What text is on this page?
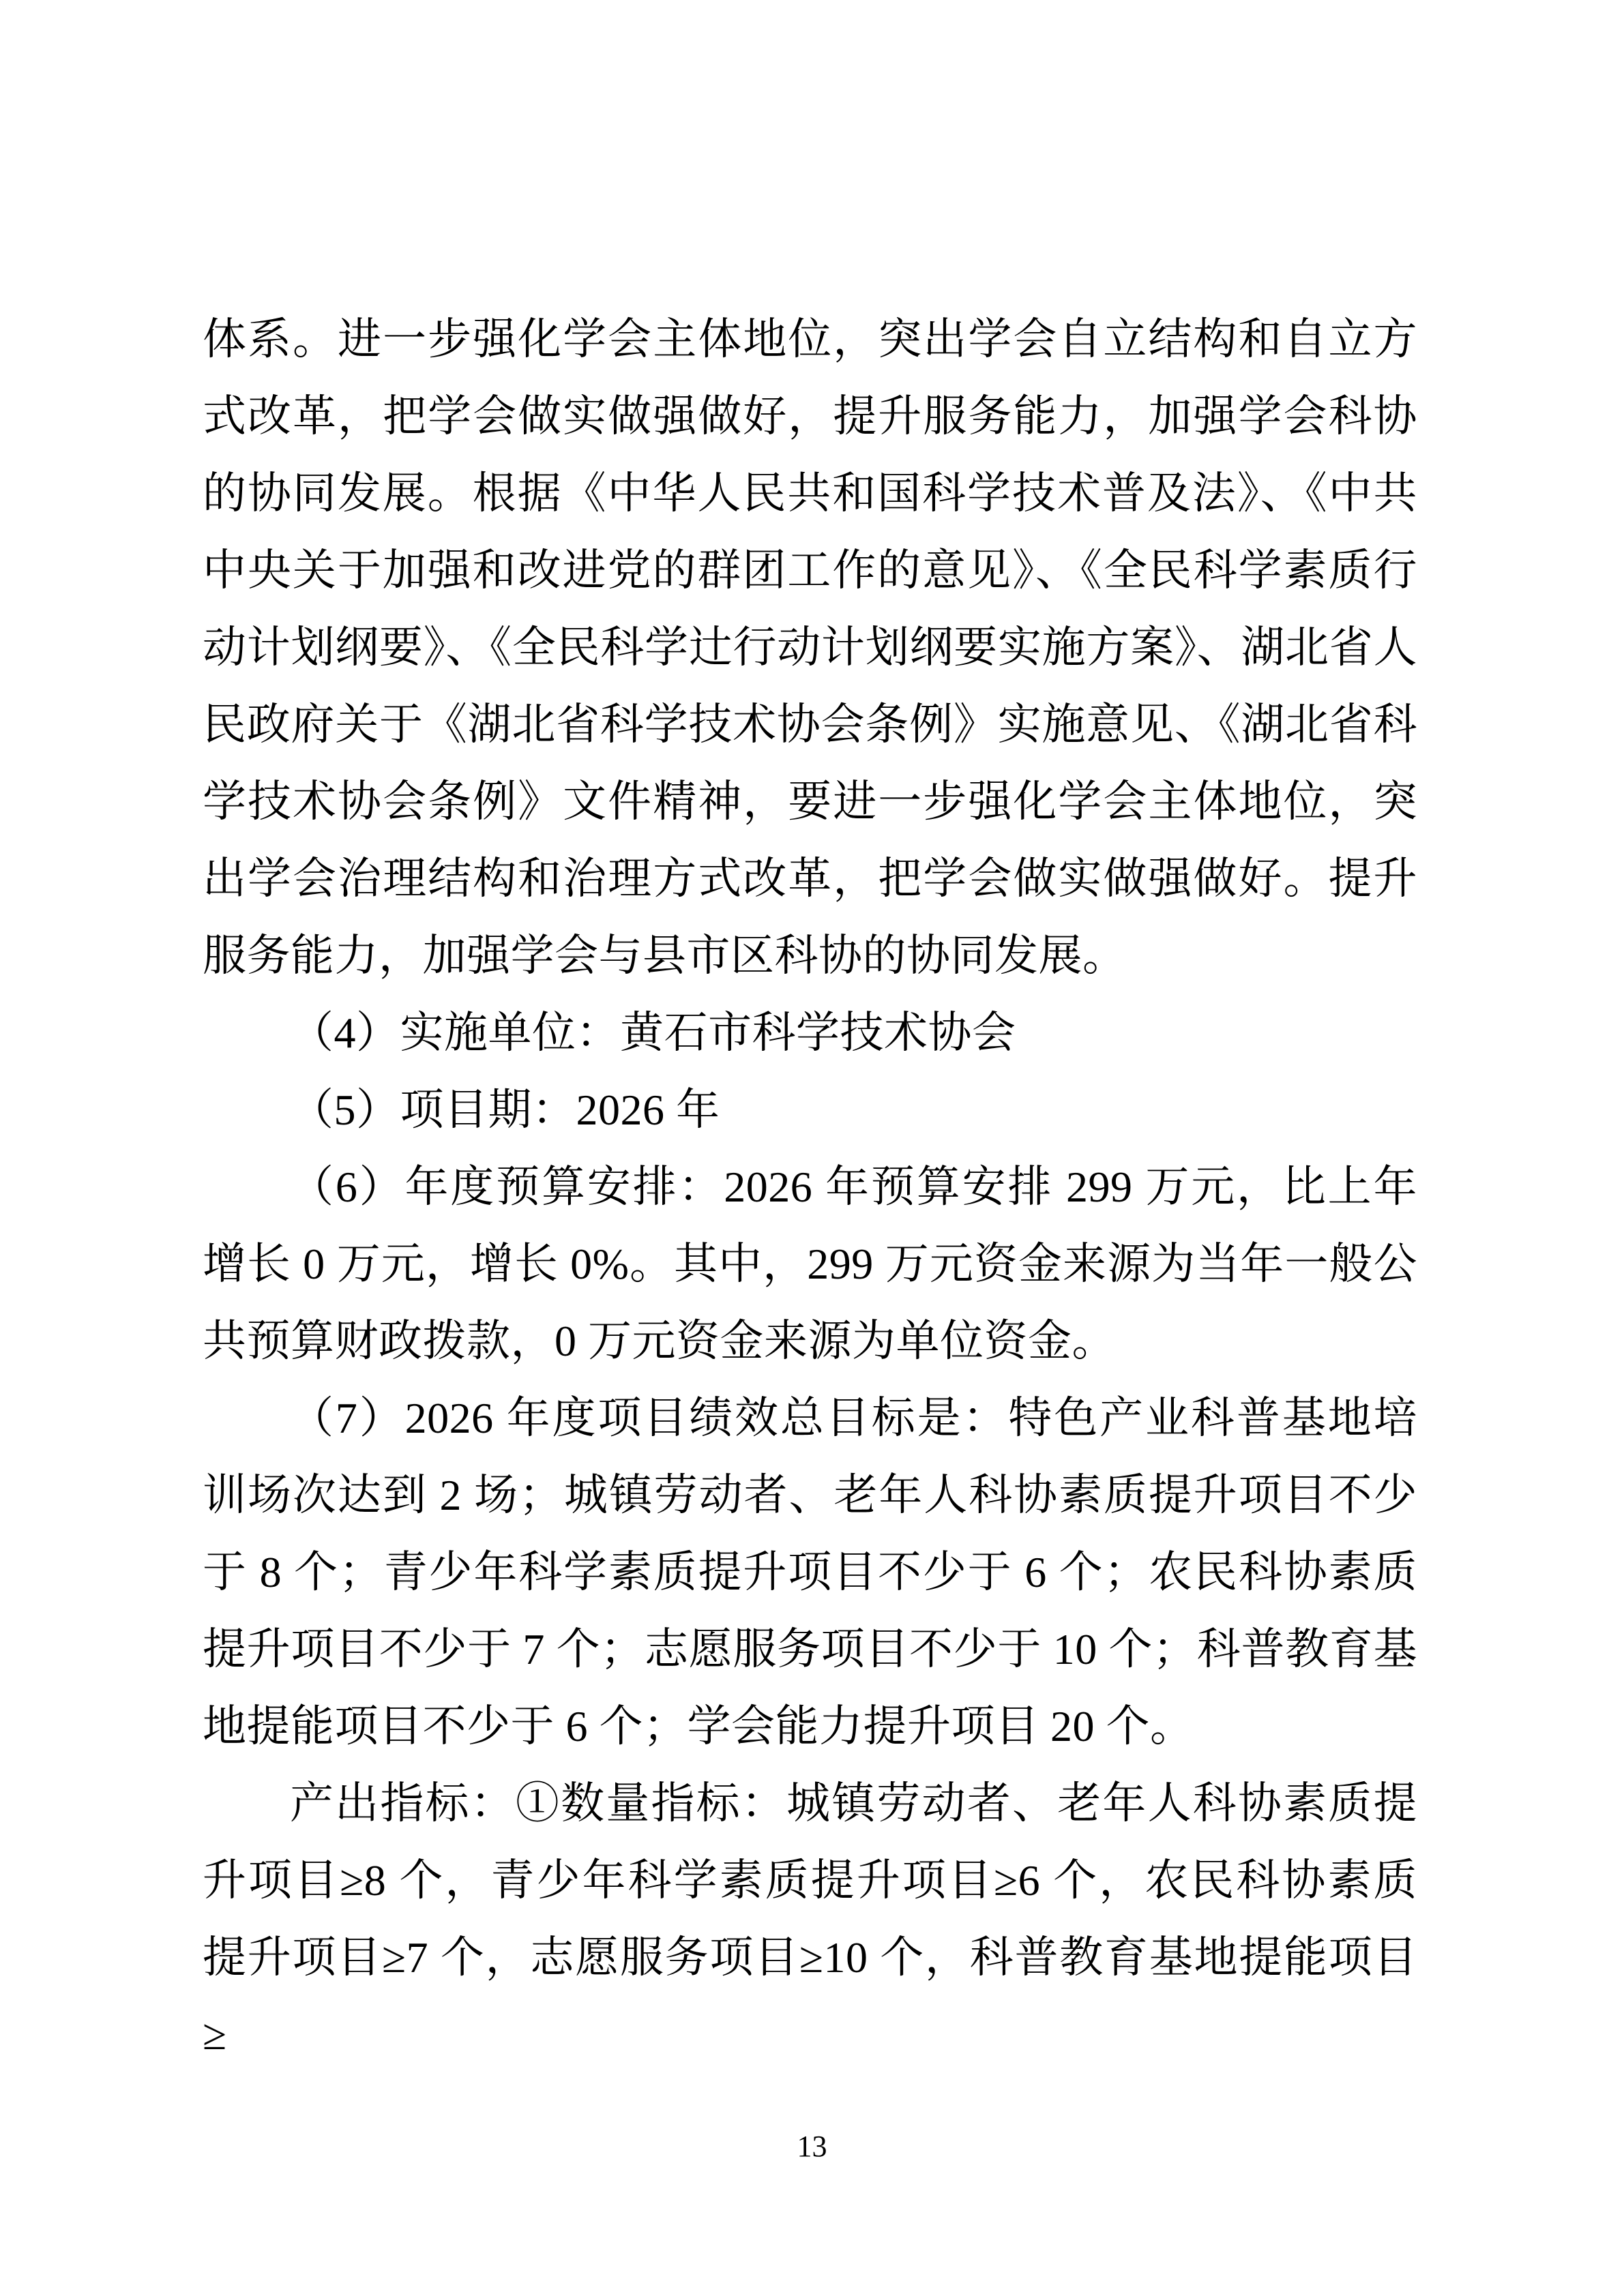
体系。进一步强化学会主体地位，突出学会自立结构和自立方式改革，把学会做实做强做好，提升服务能力，加强学会科协的协同发展。根据《中华人民共和国科学技术普及法》、《中共中央关于加强和改进党的群团工作的意见》、《全民科学素质行动计划纲要》、《全民科学辻行动计划纲要实施方案》、湖北省人民政府关于《湖北省科学技术协会条例》实施意见、《湖北省科学技术协会条例》文件精神，要进一步强化学会主体地位，突出学会治理结构和治理方式改革，把学会做实做强做好。提升服务能力，加强学会与县市区科协的协同发展。

（4）实施单位：黄石市科学技术协会

（5）项目期：2026 年

（6）年度预算安排：2026 年预算安排 299 万元，比上年增长 0 万元，增长 0%。其中，299 万元资金来源为当年一般公共预算财政拨款，0 万元资金来源为单位资金。

（7）2026 年度项目绩效总目标是：特色产业科普基地培训场次达到 2 场；城镇劳动者、老年人科协素质提升项目不少于 8 个；青少年科学素质提升项目不少于 6 个；农民科协素质提升项目不少于 7 个；志愿服务项目不少于 10 个；科普教育基地提能项目不少于 6 个；学会能力提升项目 20 个。

产出指标：①数量指标：城镇劳动者、老年人科协素质提升项目≥8 个，青少年科学素质提升项目≥6 个，农民科协素质提升项目≥7 个，志愿服务项目≥10 个，科普教育基地提能项目≥

13
